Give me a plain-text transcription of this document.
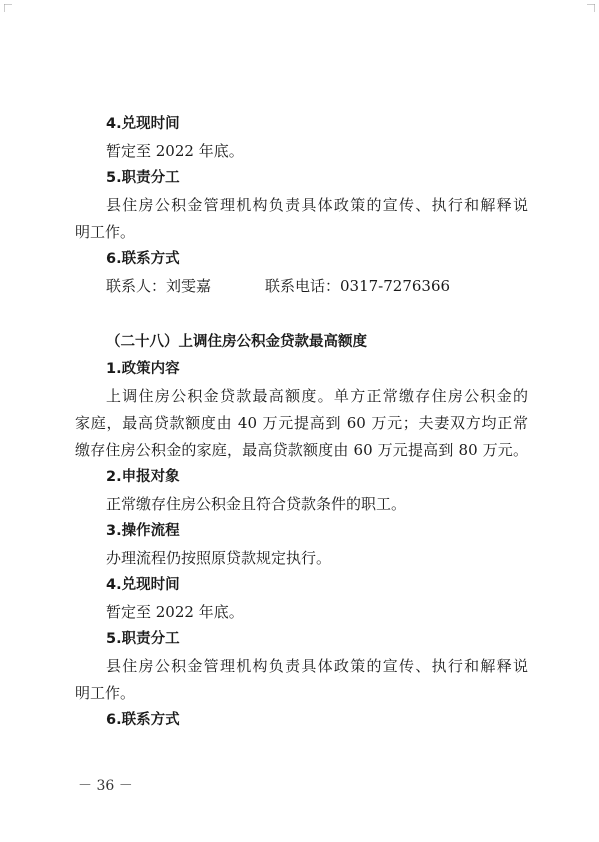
4.兑现时间
暂定至 2022 年底。
5.职责分工
县住房公积金管理机构负责具体政策的宣传、执行和解释说
明工作。
6.联系方式
联系人：刘雯嘉	联系电话：0317-7276366
（二十八）上调住房公积金贷款最高额度
1.政策内容
上调住房公积金贷款最高额度。单方正常缴存住房公积金的
家庭，最高贷款额度由 40 万元提高到 60 万元；夫妻双方均正常
缴存住房公积金的家庭，最高贷款额度由 60 万元提高到 80 万元。
2.申报对象
正常缴存住房公积金且符合贷款条件的职工。
3.操作流程
办理流程仍按照原贷款规定执行。
4.兑现时间
暂定至 2022 年底。
5.职责分工
县住房公积金管理机构负责具体政策的宣传、执行和解释说
明工作。
6.联系方式
－ 36 －
